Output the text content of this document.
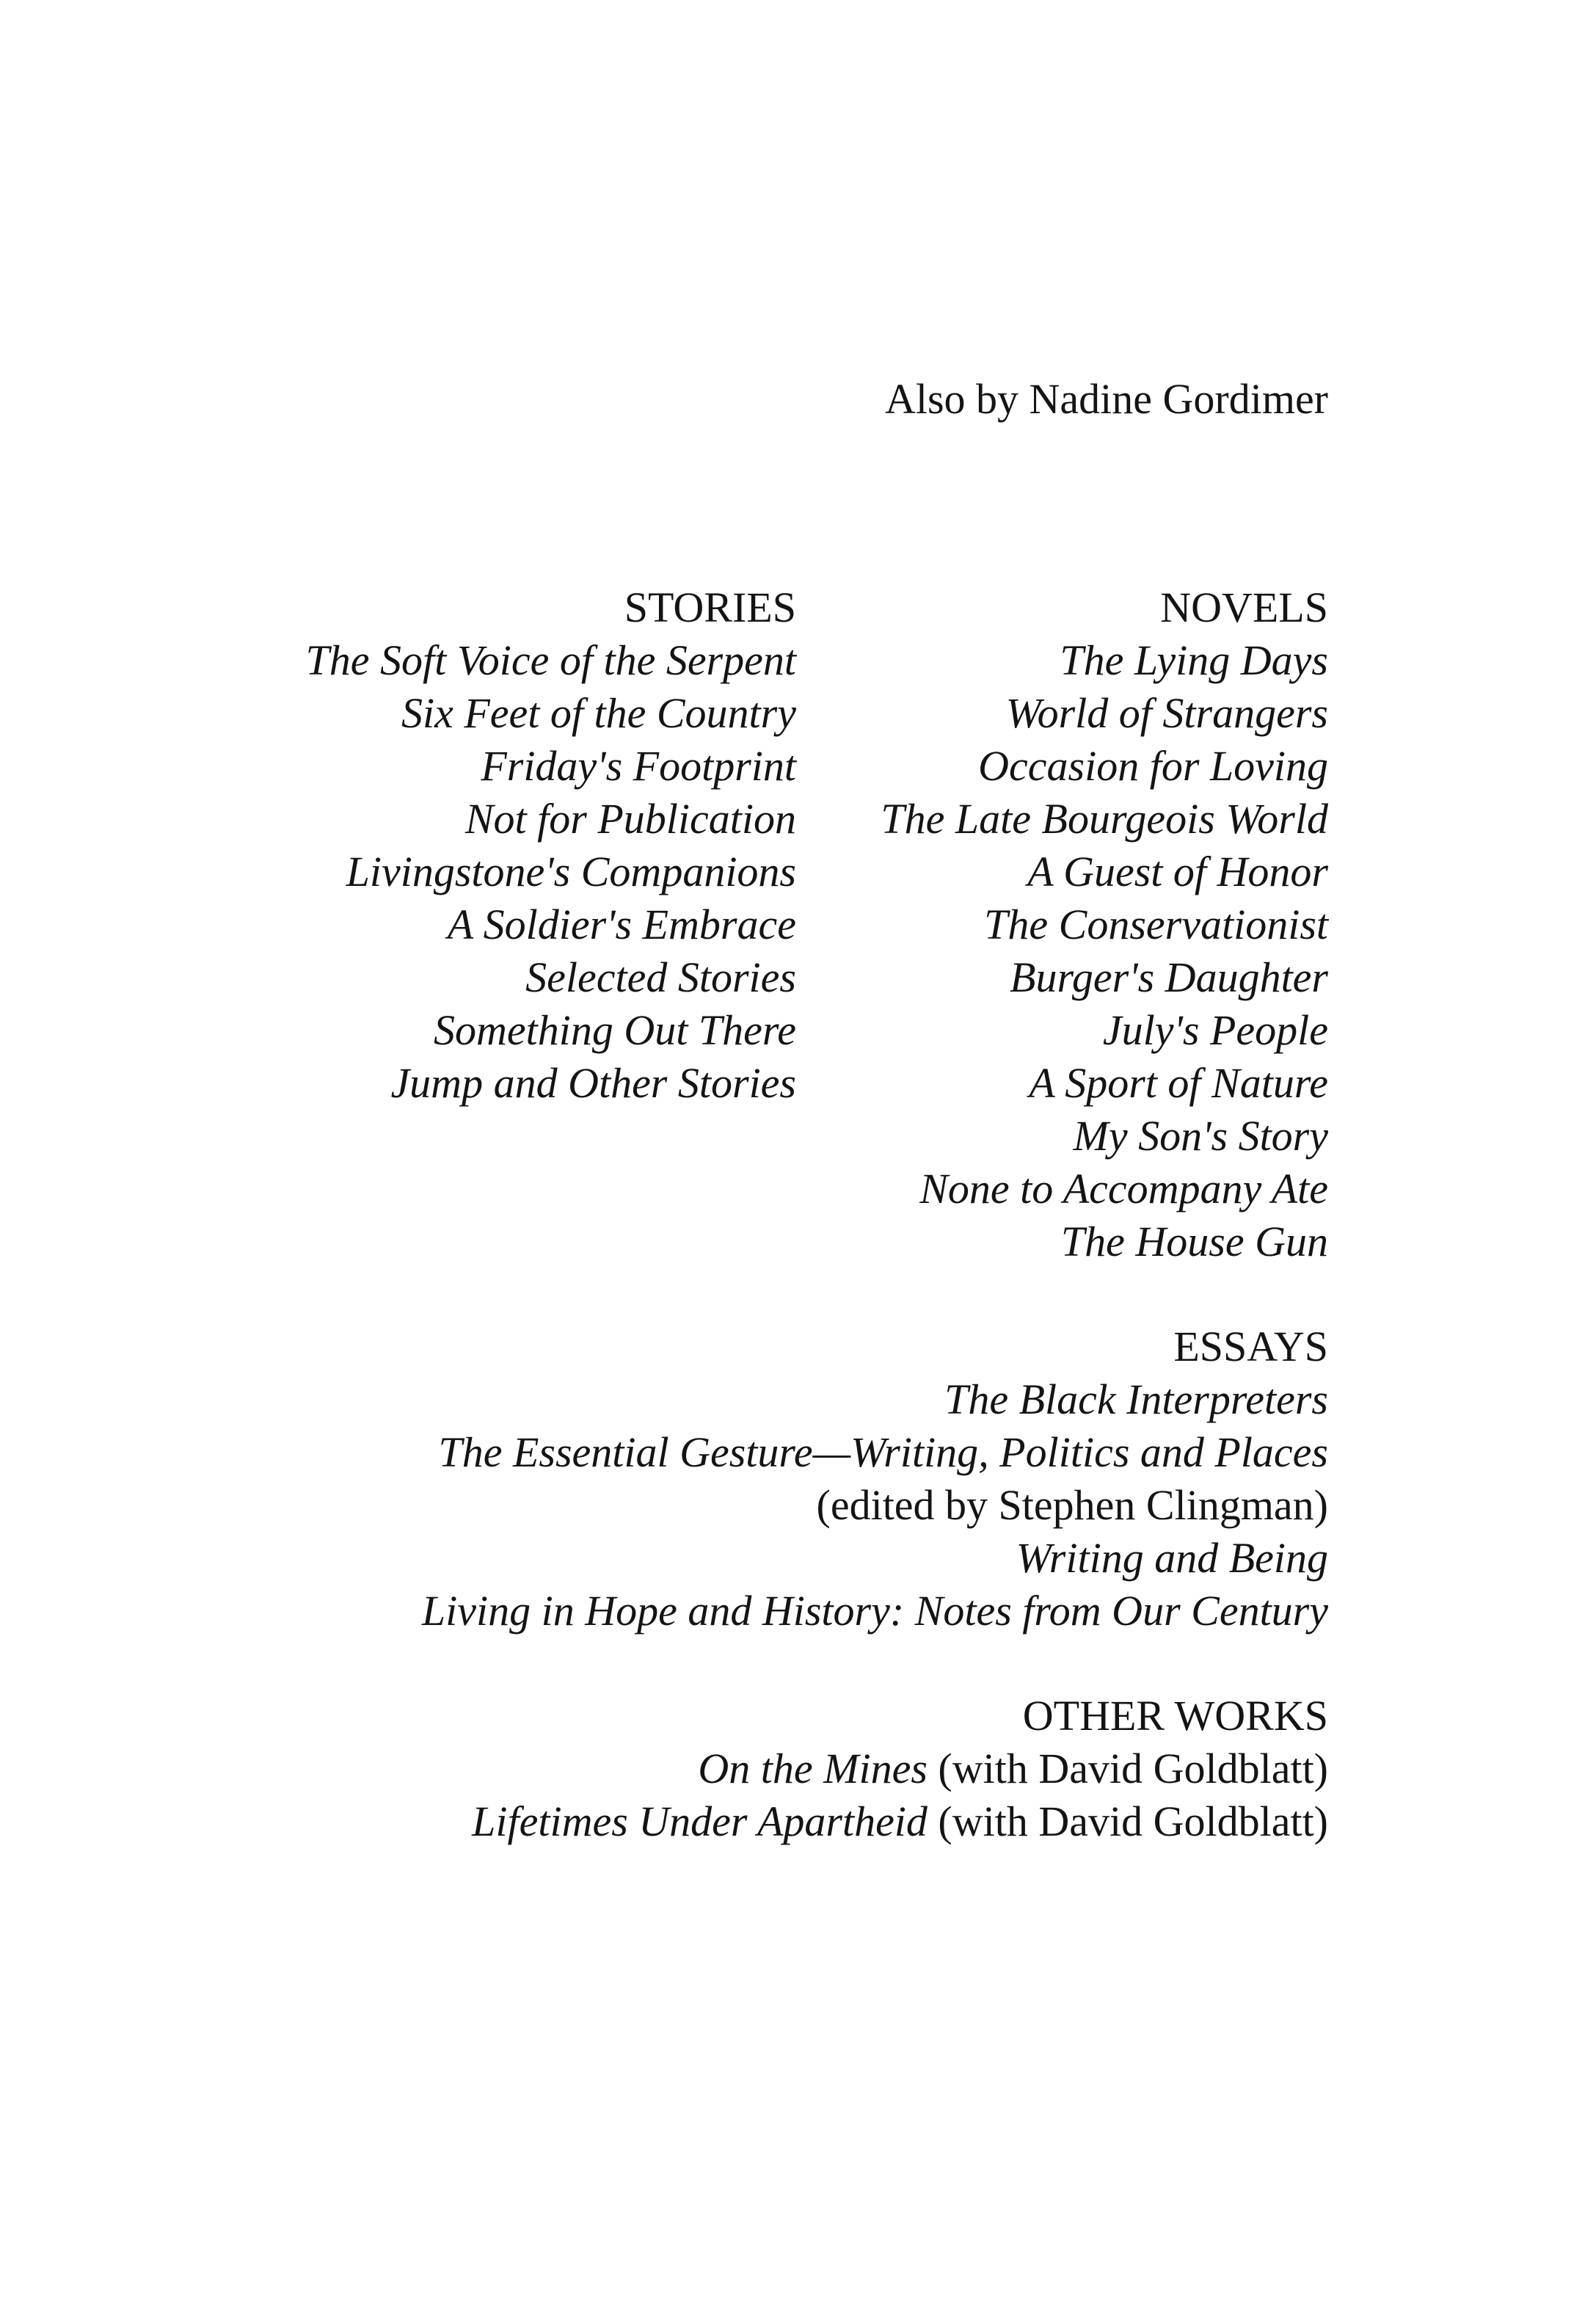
Also by Nadine Gordimer
STORIES
The Soft Voice of the Serpent
Six Feet of the Country
Friday's Footprint
Not for Publication
Livingstone's Companions
A Soldier's Embrace
Selected Stories
Something Out There
Jump and Other Stories
NOVELS
The Lying Days
World of Strangers
Occasion for Loving
The Late Bourgeois World
A Guest of Honor
The Conservationist
Burger's Daughter
July's People
A Sport of Nature
My Son's Story
None to Accompany Ate
The House Gun
ESSAYS
The Black Interpreters
The Essential Gesture—Writing, Politics and Places
(edited by Stephen Clingman)
Writing and Being
Living in Hope and History: Notes from Our Century
OTHER WORKS
On the Mines (with David Goldblatt)
Lifetimes Under Apartheid (with David Goldblatt)
